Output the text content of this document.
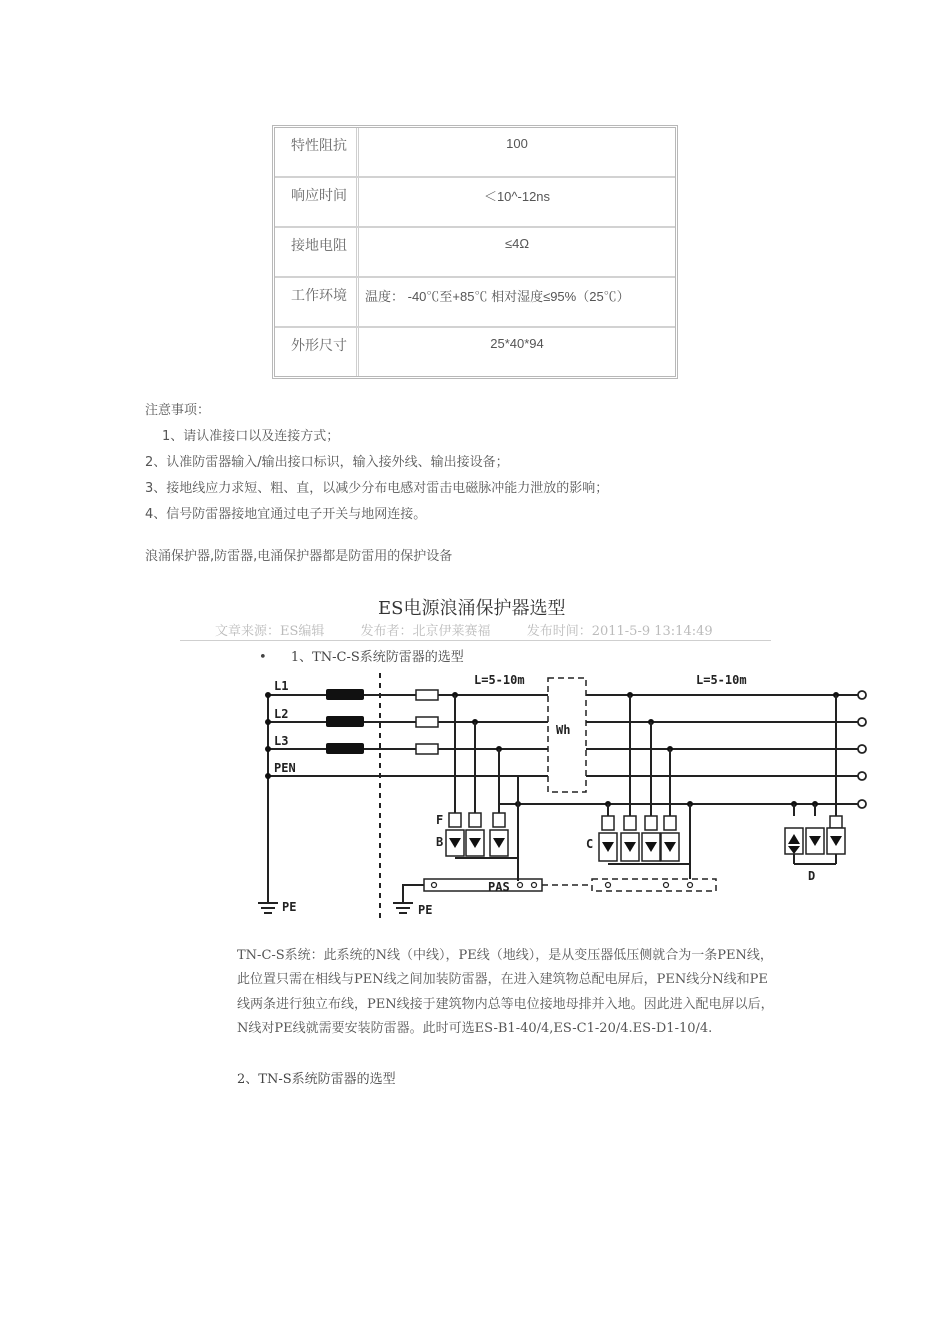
特性阻抗	100
响应时间	＜10^-12ns
接地电阻	≤4Ω
工作环境	温度： -40℃至+85℃ 相对湿度≤95%（25℃）
外形尺寸	25*40*94
注意事项：
1、请认准接口以及连接方式；
2、认准防雷器输入/输出接口标识，输入接外线、输出接设备；
3、接地线应力求短、粗、直，以减少分布电感对雷击电磁脉冲能力泄放的影响；
4、信号防雷器接地宜通过电子开关与地网连接。
浪涌保护器,防雷器,电涌保护器都是防雷用的保护设备
ES电源浪涌保护器选型
文章来源：ES编辑	发布者：北京伊莱赛福	发布时间：2011-5-9 13:14:49
• 1、TN-C-S系统防雷器的选型
L1
L2
L3
PEN
L=5-10m	L=5-10m
Wh
F
B	C
D
PAS
PE	PE
TN-C-S系统：此系统的N线（中线），PE线（地线），是从变压器低压侧就合为一条PEN线，此位置只需在相线与PEN线之间加装防雷器，在进入建筑物总配电屏后，PEN线分N线和PE线两条进行独立布线，PEN线接于建筑物内总等电位接地母排并入地。因此进入配电屏以后，N线对PE线就需要安装防雷器。此时可选ES-B1-40/4,ES-C1-20/4.ES-D1-10/4.
2、TN-S系统防雷器的选型
